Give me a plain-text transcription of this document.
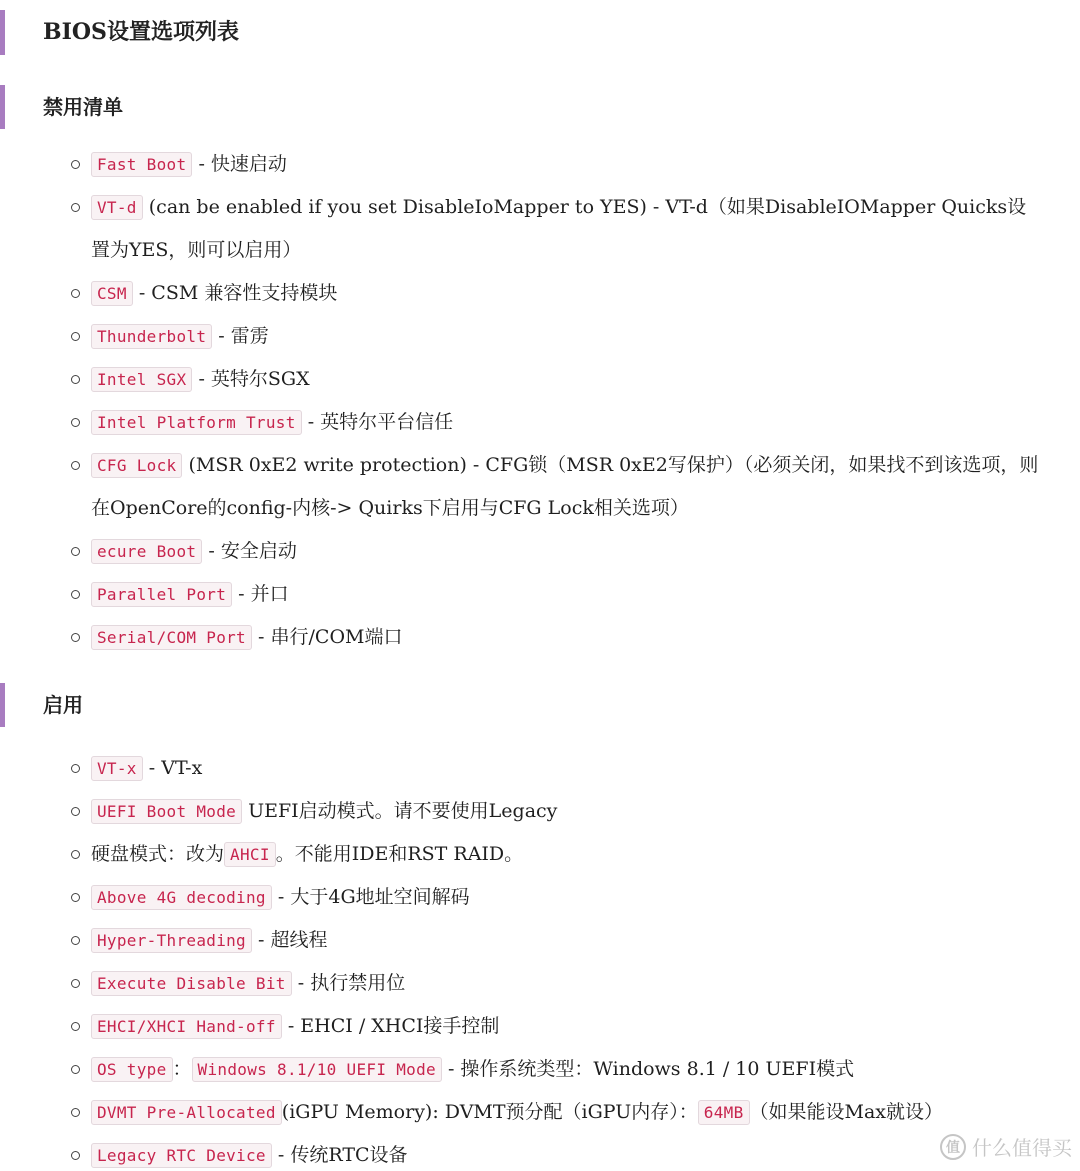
BIOS设置选项列表
禁用清单
Fast Boot - 快速启动
VT-d (can be enabled if you set DisableIoMapper to YES) - VT-d（如果DisableIOMapper Quicks设置为YES，则可以启用）
CSM - CSM 兼容性支持模块
Thunderbolt - 雷雳
Intel SGX - 英特尔SGX
Intel Platform Trust - 英特尔平台信任
CFG Lock (MSR 0xE2 write protection) - CFG锁（MSR 0xE2写保护）（必须关闭，如果找不到该选项，则在OpenCore的config-内核-> Quirks下启用与CFG Lock相关选项）
ecure Boot - 安全启动
Parallel Port - 并口
Serial/COM Port - 串行/COM端口
启用
VT-x - VT-x
UEFI Boot Mode UEFI启动模式。请不要使用Legacy
硬盘模式：改为 AHCI 。不能用IDE和RST RAID。
Above 4G decoding - 大于4G地址空间解码
Hyper-Threading - 超线程
Execute Disable Bit - 执行禁用位
EHCI/XHCI Hand-off - EHCI / XHCI接手控制
OS type ： Windows 8.1/10 UEFI Mode - 操作系统类型：Windows 8.1 / 10 UEFI模式
DVMT Pre-Allocated (iGPU Memory): DVMT预分配（iGPU内存）： 64MB （如果能设Max就设）
Legacy RTC Device - 传统RTC设备	值 什么值得买
